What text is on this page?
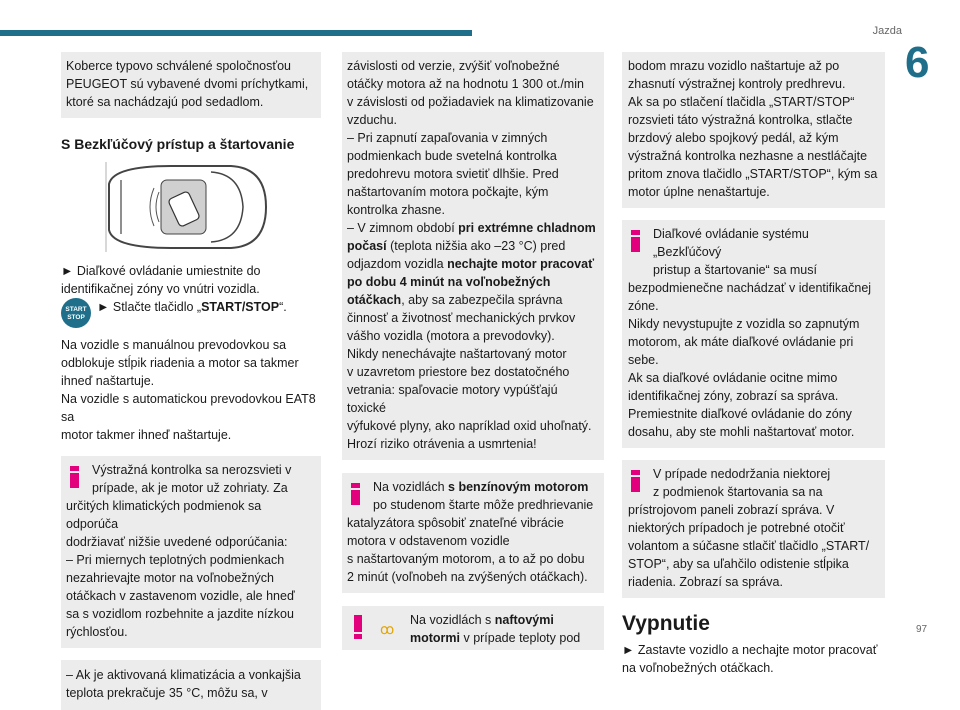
Jazda
6
97

Koberce typovo schválené spoločnosťou
PEUGEOT sú vybavené dvomi príchytkami,
ktoré sa nachádzajú pod sedadlom.

S Bezkľúčový prístup a štartovanie

► Diaľkové ovládanie umiestnite do
identifikačnej zóny vo vnútri vozidla.

START
STOP
► Stlačte tlačidlo „START/STOP“.

Na vozidle s manuálnou prevodovkou sa
odblokuje stĺpik riadenia a motor sa takmer
ihneď naštartuje.
Na vozidle s automatickou prevodovkou EAT8 sa
motor takmer ihneď naštartuje.

Výstražná kontrolka sa nerozsvieti v
prípade, ak je motor už zohriaty. Za

určitých klimatických podmienok sa odporúča
dodržiavať nižšie uvedené odporúčania:
– Pri miernych teplotných podmienkach
nezahrievajte motor na voľnobežných
otáčkach v zastavenom vozidle, ale hneď
sa s vozidlom rozbehnite a jazdite nízkou
rýchlosťou.

– Ak je aktivovaná klimatizácia a vonkajšia
teplota prekračuje 35 °C, môžu sa, v

závislosti od verzie, zvýšiť voľnobežné
otáčky motora až na hodnotu 1 300 ot./min
v závislosti od požiadaviek na klimatizovanie
vzduchu.
– Pri zapnutí zapaľovania v zimných
podmienkach bude svetelná kontrolka
predohrevu motora svietiť dlhšie. Pred
naštartovaním motora počkajte, kým
kontrolka zhasne.
– V zimnom období pri extrémne chladnom
počasí (teplota nižšia ako –23 °C) pred
odjazdom vozidla nechajte motor pracovať
po dobu 4 minút na voľnobežných
otáčkach, aby sa zabezpečila správna
činnosť a životnosť mechanických prvkov
vášho vozidla (motora a prevodovky).
Nikdy nenechávajte naštartovaný motor
v uzavretom priestore bez dostatočného
vetrania: spaľovacie motory vypúšťajú toxické
výfukové plyny, ako napríklad oxid uhoľnatý.
Hrozí riziko otrávenia a usmrtenia!

Na vozidlách s benzínovým motorom
po studenom štarte môže predhrievanie

katalyzátora spôsobiť znateľné vibrácie
motora v odstavenom vozidle
s naštartovaným motorom, a to až po dobu
2 minút (voľnobeh na zvýšených otáčkach).

ꝏ

Na vozidlách s naftovými
motormi v prípade teploty pod

bodom mrazu vozidlo naštartuje až po
zhasnutí výstražnej kontroly predhrevu.
Ak sa po stlačení tlačidla „START/STOP“
rozsvieti táto výstražná kontrolka, stlačte
brzdový alebo spojkový pedál, až kým
výstražná kontrolka nezhasne a nestláčajte
pritom znova tlačidlo „START/STOP“, kým sa
motor úplne nenaštartuje.

Diaľkové ovládanie systému „Bezkľúčový
pristup a štartovanie“ sa musí

bezpodmienečne nachádzať v identifikačnej
zóne.
Nikdy nevystupujte z vozidla so zapnutým
motorom, ak máte diaľkové ovládanie pri
sebe.
Ak sa diaľkové ovládanie ocitne mimo
identifikačnej zóny, zobrazí sa správa.
Premiestnite diaľkové ovládanie do zóny
dosahu, aby ste mohli naštartovať motor.

V prípade nedodržania niektorej
z podmienok štartovania sa na

prístrojovom paneli zobrazí správa. V
niektorých prípadoch je potrebné otočiť
volantom a súčasne stlačiť tlačidlo „START/
STOP“, aby sa uľahčilo odistenie stĺpika
riadenia. Zobrazí sa správa.

Vypnutie

► Zastavte vozidlo a nechajte motor pracovať
na voľnobežných otáčkach.
